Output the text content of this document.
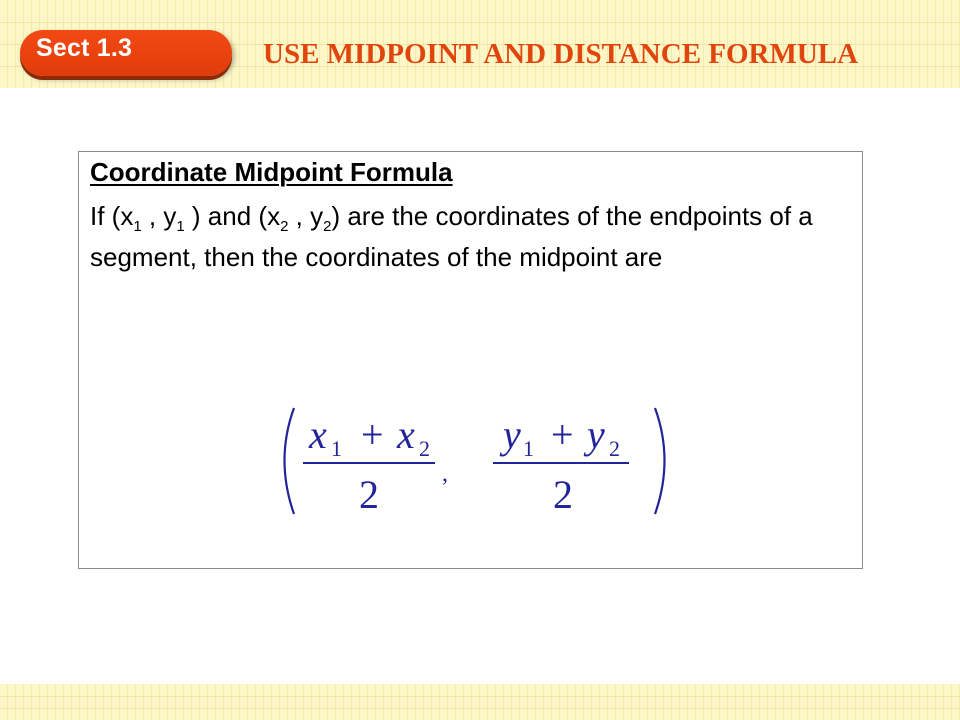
Sect 1.3	USE MIDPOINT AND DISTANCE FORMULA
Coordinate Midpoint Formula
If ($x_1$ , $y_1$ ) and ($x_2$ , $y_2$) are the coordinates of the endpoints of a segment, then the coordinates of the midpoint are
x 1 + x 2
2	,
y 1 + y 2
2
